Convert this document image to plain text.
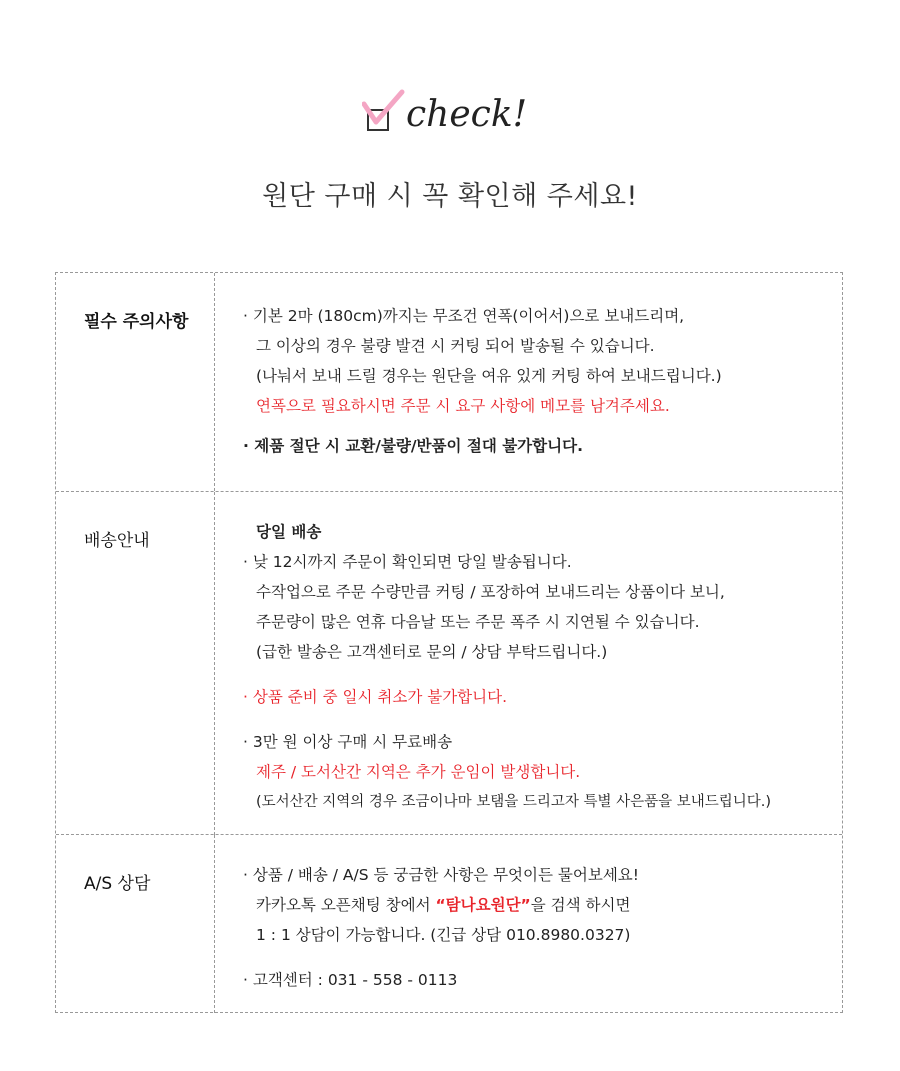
check!
원단 구매 시 꼭 확인해 주세요!
필수 주의사항	· 기본 2마 (180cm)까지는 무조건 연폭(이어서)으로 보내드리며,
그 이상의 경우 불량 발견 시 커팅 되어 발송될 수 있습니다.
(나눠서 보내 드릴 경우는 원단을 여유 있게 커팅 하여 보내드립니다.)
연폭으로 필요하시면 주문 시 요구 사항에 메모를 남겨주세요.
· 제품 절단 시 교환/불량/반품이 절대 불가합니다.
배송안내	당일 배송
· 낮 12시까지 주문이 확인되면 당일 발송됩니다.
수작업으로 주문 수량만큼 커팅 / 포장하여 보내드리는 상품이다 보니,
주문량이 많은 연휴 다음날 또는 주문 폭주 시 지연될 수 있습니다.
(급한 발송은 고객센터로 문의 / 상담 부탁드립니다.)
· 상품 준비 중 일시 취소가 불가합니다.
· 3만 원 이상 구매 시 무료배송
제주 / 도서산간 지역은 추가 운임이 발생합니다.
(도서산간 지역의 경우 조금이나마 보탬을 드리고자 특별 사은품을 보내드립니다.)
A/S 상담	· 상품 / 배송 / A/S 등 궁금한 사항은 무엇이든 물어보세요!
카카오톡 오픈채팅 창에서 “탐나요원단”을 검색 하시면
1 : 1 상담이 가능합니다. (긴급 상담 010.8980.0327)
· 고객센터 : 031 - 558 - 0113
